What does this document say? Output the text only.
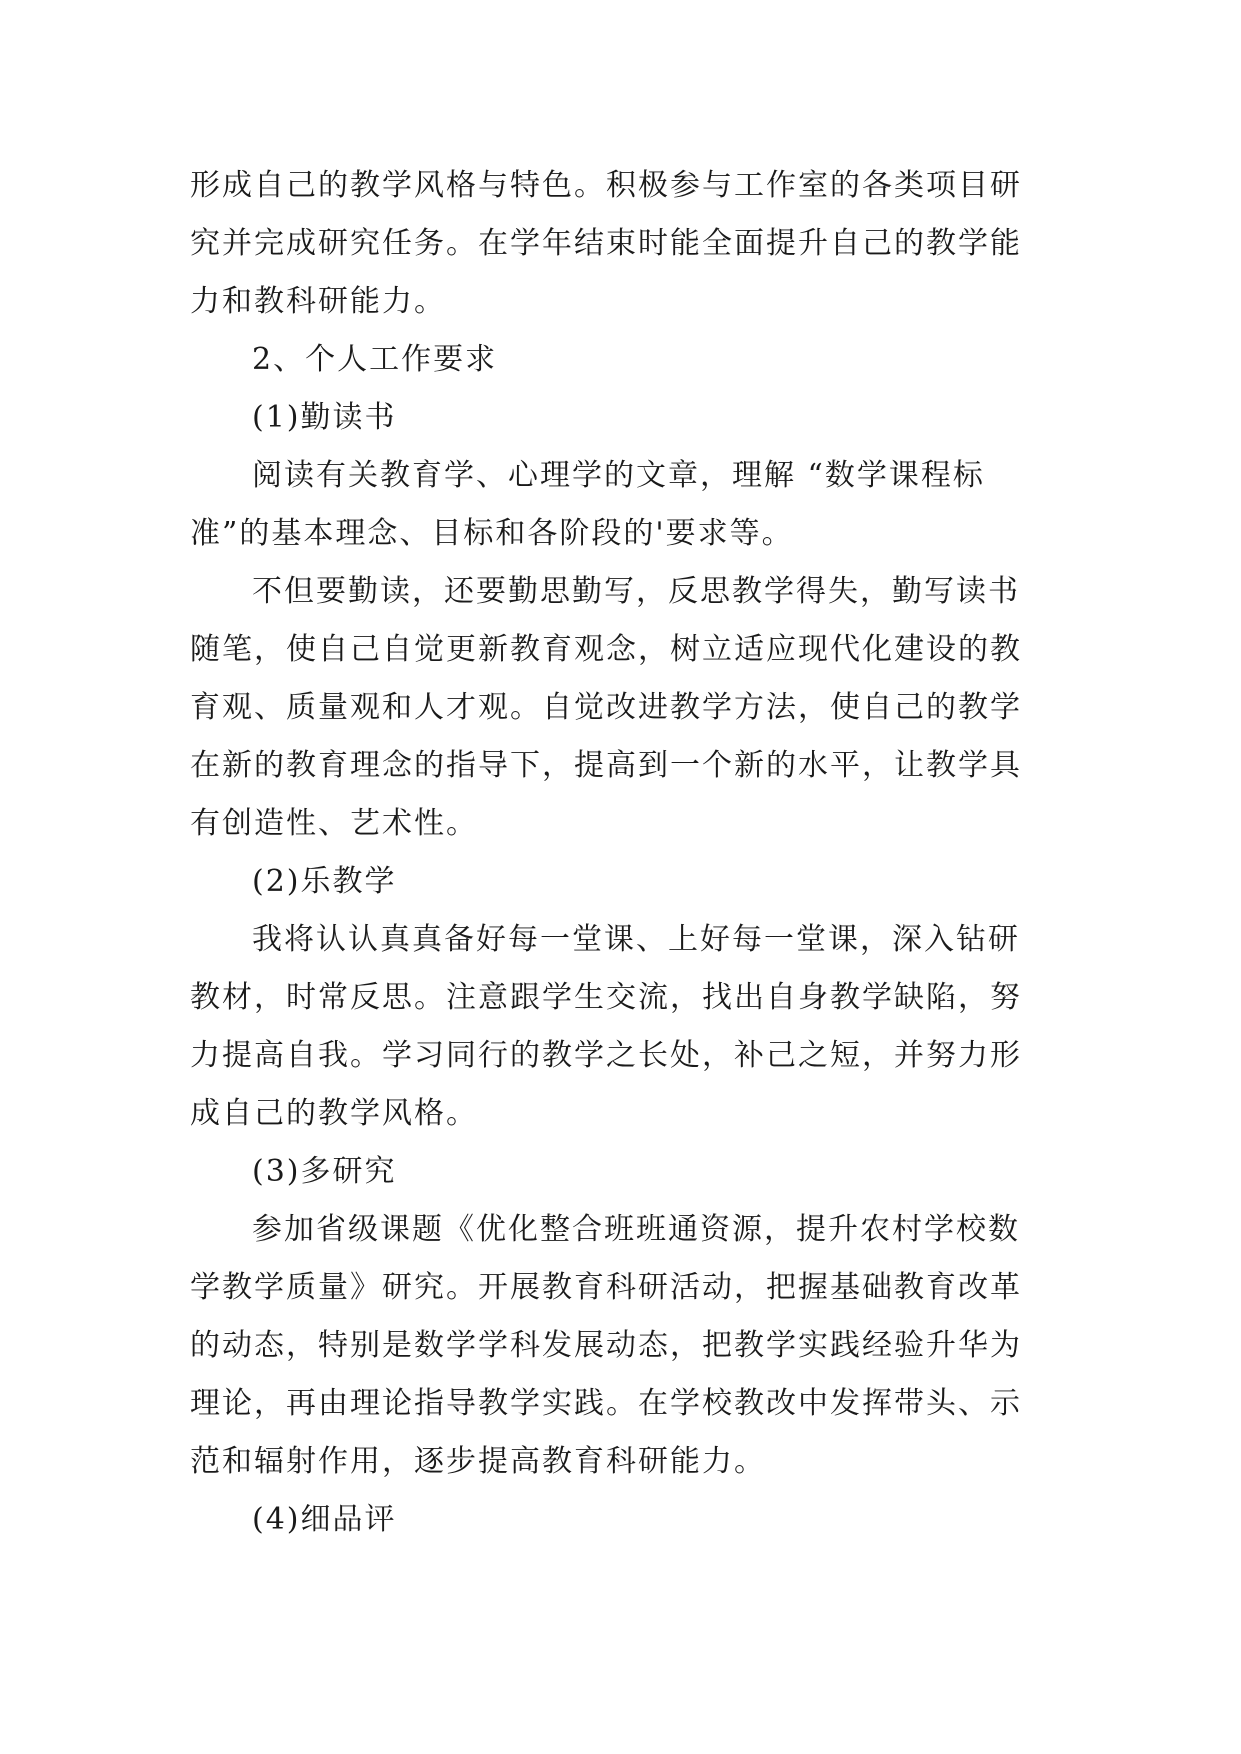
形成自己的教学风格与特色。积极参与工作室的各类项目研
究并完成研究任务。在学年结束时能全面提升自己的教学能
力和教科研能力。
2、个人工作要求
(1)勤读书
阅读有关教育学、心理学的文章，理解 “数学课程标
准”的基本理念、目标和各阶段的'要求等。
不但要勤读，还要勤思勤写，反思教学得失，勤写读书
随笔，使自己自觉更新教育观念，树立适应现代化建设的教
育观、质量观和人才观。自觉改进教学方法，使自己的教学
在新的教育理念的指导下，提高到一个新的水平，让教学具
有创造性、艺术性。
(2)乐教学
我将认认真真备好每一堂课、上好每一堂课，深入钻研
教材，时常反思。注意跟学生交流，找出自身教学缺陷，努
力提高自我。学习同行的教学之长处，补己之短，并努力形
成自己的教学风格。
(3)多研究
参加省级课题《优化整合班班通资源，提升农村学校数
学教学质量》研究。开展教育科研活动，把握基础教育改革
的动态，特别是数学学科发展动态，把教学实践经验升华为
理论，再由理论指导教学实践。在学校教改中发挥带头、示
范和辐射作用，逐步提高教育科研能力。
(4)细品评
